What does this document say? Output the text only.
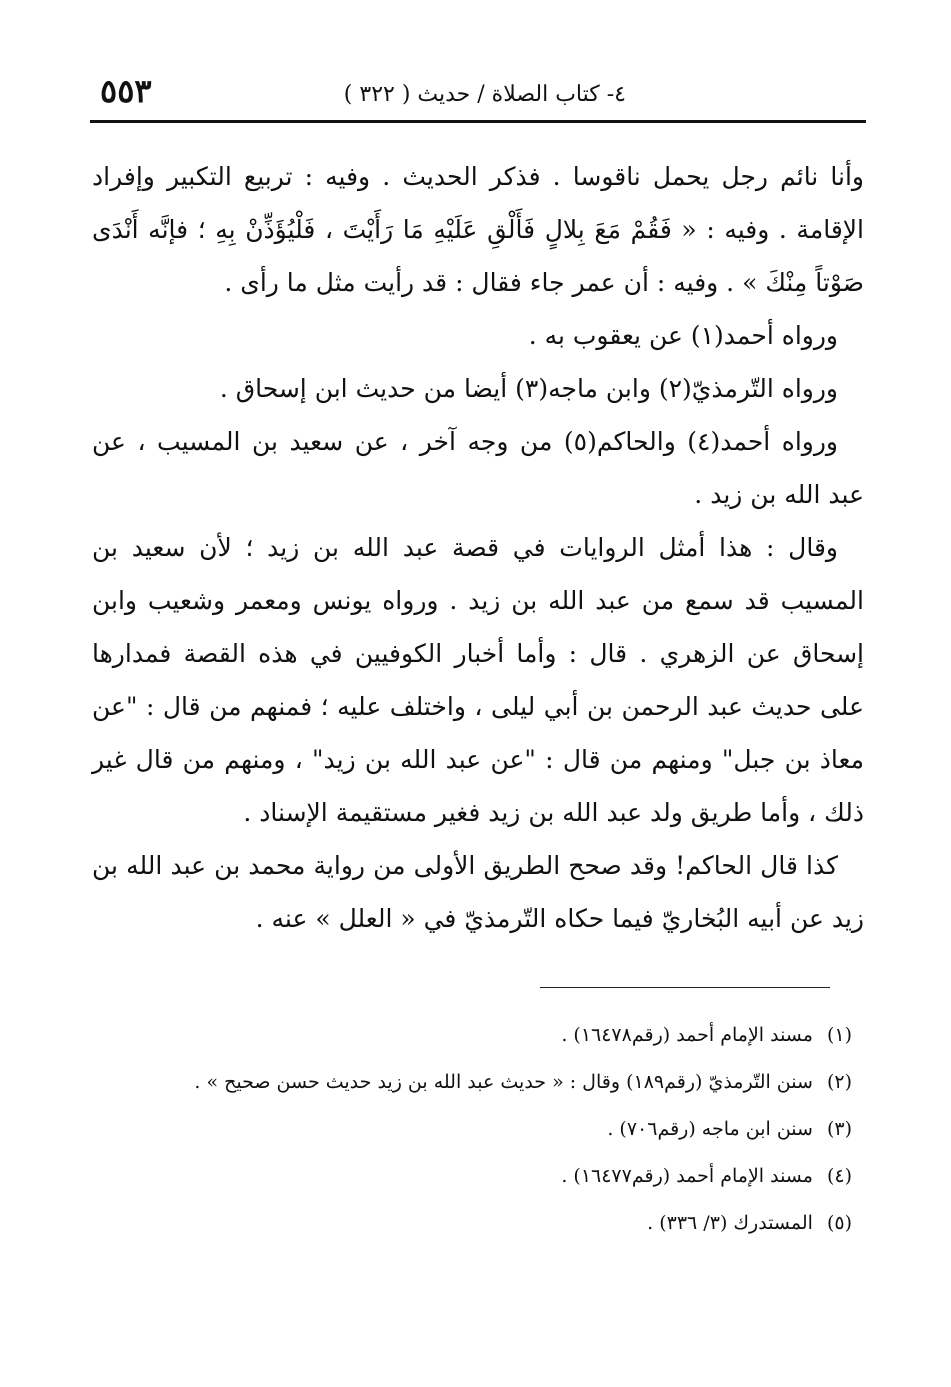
٤- كتاب الصلاة / حديث ( ٣٢٢ )
٥٥٣

وأنا نائم رجل يحمل ناقوسا . فذكر الحديث . وفيه : تربيع التكبير وإفراد الإقامة . وفيه : « فَقُمْ مَعَ بِلالٍ فَأَلْقِ عَلَيْهِ مَا رَأَيْتَ ، فَلْيُؤَذِّنْ بِهِ ؛ فإنَّه أَنْدَى صَوْتاً مِنْكَ » . وفيه : أن عمر جاء فقال : قد رأيت مثل ما رأى .

ورواه أحمد(١) عن يعقوب به .

ورواه التّرمذيّ(٢) وابن ماجه(٣) أيضا من حديث ابن إسحاق .

ورواه أحمد(٤) والحاكم(٥) من وجه آخر ، عن سعيد بن المسيب ، عن عبد الله بن زيد .

وقال : هذا أمثل الروايات في قصة عبد الله بن زيد ؛ لأن سعيد بن المسيب قد سمع من عبد الله بن زيد . ورواه يونس ومعمر وشعيب وابن إسحاق عن الزهري . قال : وأما أخبار الكوفيين في هذه القصة فمدارها على حديث عبد الرحمن بن أبي ليلى ، واختلف عليه ؛ فمنهم من قال : "عن معاذ بن جبل" ومنهم من قال : "عن عبد الله بن زيد" ، ومنهم من قال غير ذلك ، وأما طريق ولد عبد الله بن زيد فغير مستقيمة الإسناد .

كذا قال الحاكم! وقد صحح الطريق الأولى من رواية محمد بن عبد الله بن زيد عن أبيه البُخاريّ فيما حكاه التّرمذيّ في « العلل » عنه .

(١)مسند الإمام أحمد (رقم١٦٤٧٨) .
(٢)سنن التّرمذيّ (رقم١٨٩) وقال : « حديث عبد الله بن زيد حديث حسن صحيح » .
(٣)سنن ابن ماجه (رقم٧٠٦) .
(٤)مسند الإمام أحمد (رقم١٦٤٧٧) .
(٥)المستدرك (٣/ ٣٣٦) .
